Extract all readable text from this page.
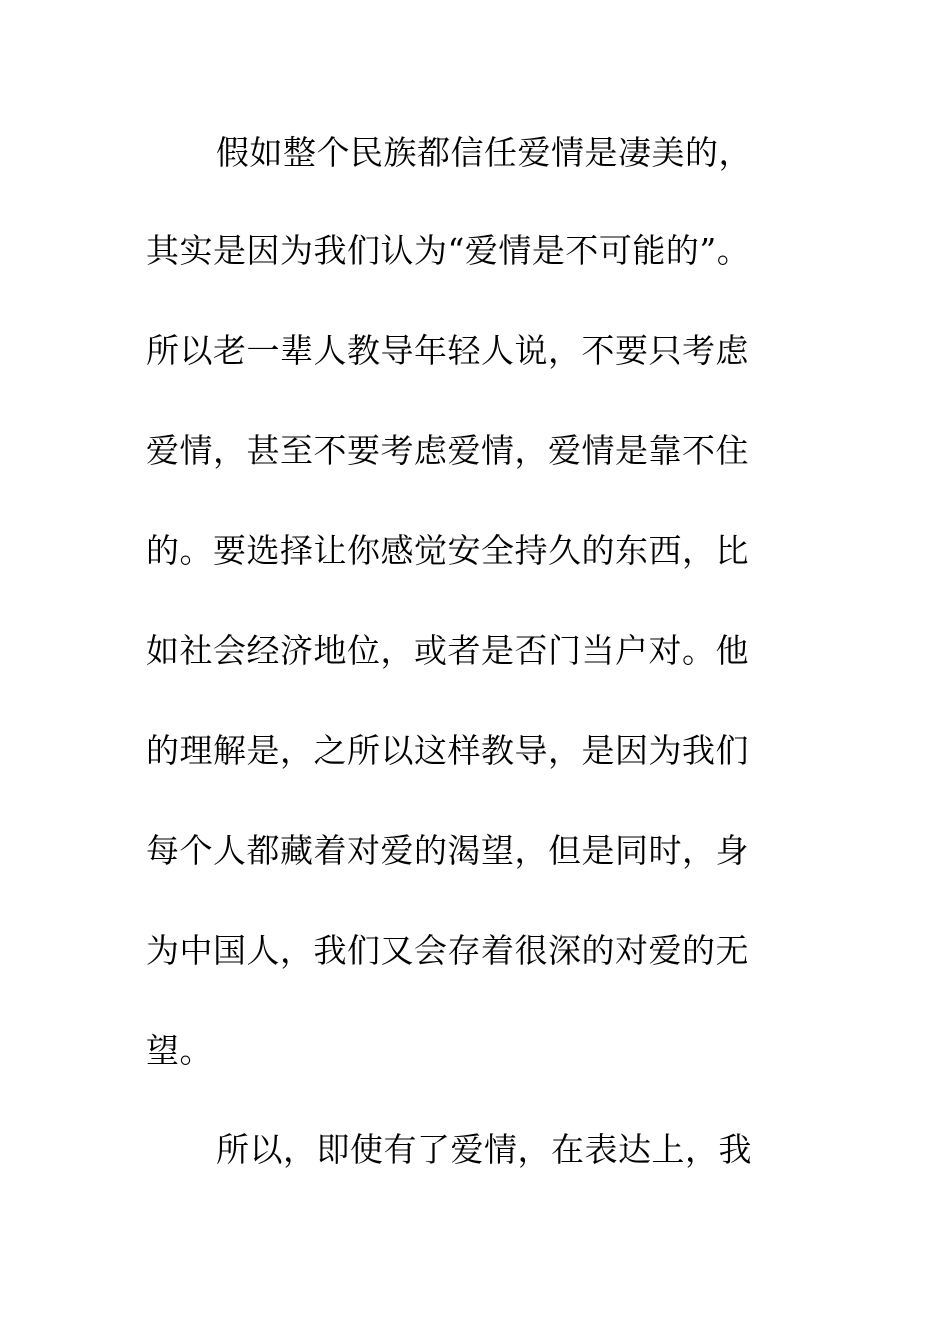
假如整个民族都信任爱情是凄美的，
其实是因为我们认为“爱情是不可能的”。
所以老一辈人教导年轻人说，不要只考虑
爱情，甚至不要考虑爱情，爱情是靠不住
的。要选择让你感觉安全持久的东西，比
如社会经济地位，或者是否门当户对。他
的理解是，之所以这样教导，是因为我们
每个人都藏着对爱的渴望，但是同时，身
为中国人，我们又会存着很深的对爱的无
望。
所以，即使有了爱情，在表达上，我
